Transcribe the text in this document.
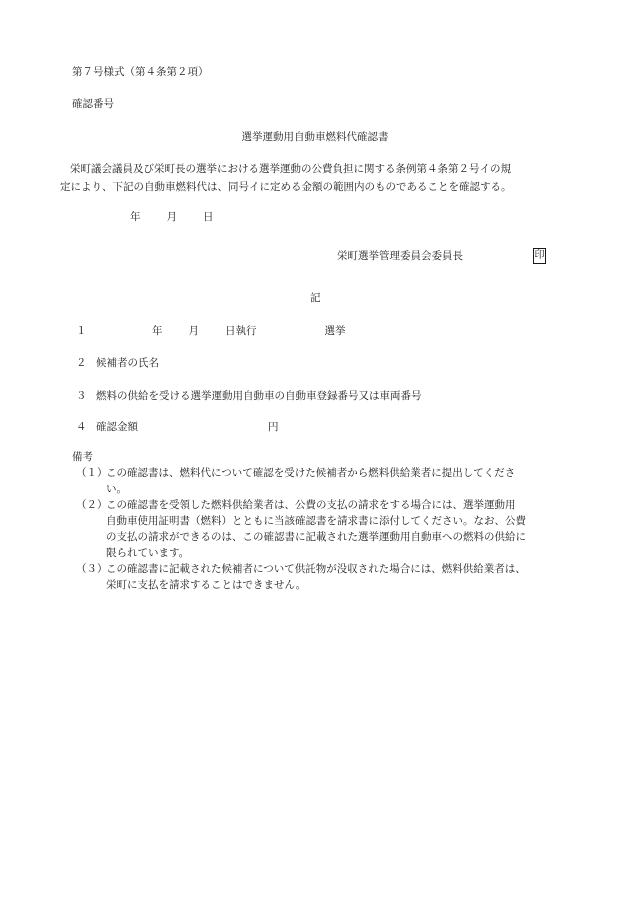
第７号様式（第４条第２項）
確認番号
選挙運動用自動車燃料代確認書

栄町議会議員及び栄町長の選挙における選挙運動の公費負担に関する条例第４条第２号イの規

定により、下記の自動車燃料代は、同号イに定める金額の範囲内のものであることを確認する。

年 月 日
栄町選挙管理委員会委員長	印
記
１	年 月 日執行	選挙
２ 候補者の氏名
３ 燃料の供給を受ける選挙運動用自動車の自動車登録番号又は車両番号
４ 確認金額	円
備考
（１）
この確認書は、燃料代について確認を受けた候補者から燃料供給業者に提出してくださ
い。
（２）
この確認書を受領した燃料供給業者は、公費の支払の請求をする場合には、選挙運動用
自動車使用証明書（燃料）とともに当該確認書を請求書に添付してください。なお、公費
の支払の請求ができるのは、この確認書に記載された選挙運動用自動車への燃料の供給に
限られています。
（３）
この確認書に記載された候補者について供託物が没収された場合には、燃料供給業者は、
栄町に支払を請求することはできません。
